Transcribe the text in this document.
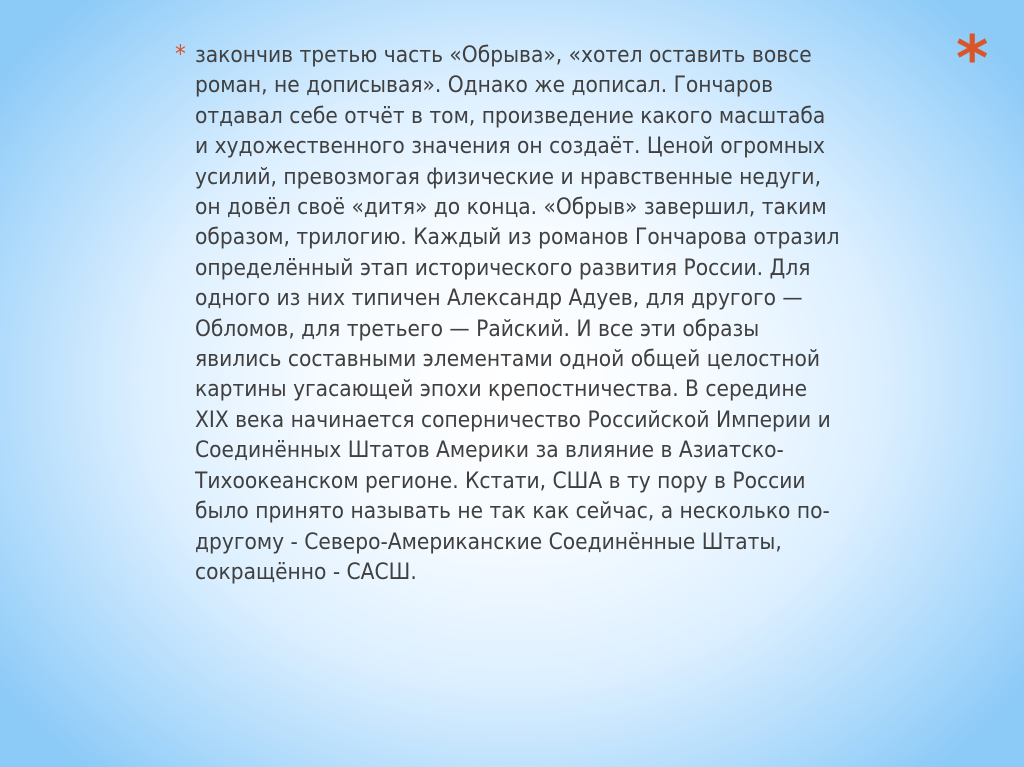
*
* закончив третью часть «Обрыва», «хотел оставить вовсе
роман, не дописывая». Однако же дописал. Гончаров
отдавал себе отчёт в том, произведение какого масштаба
и художественного значения он создаёт. Ценой огромных
усилий, превозмогая физические и нравственные недуги,
он довёл своё «дитя» до конца. «Обрыв» завершил, таким
образом, трилогию. Каждый из романов Гончарова отразил
определённый этап исторического развития России. Для
одного из них типичен Александр Адуев, для другого —
Обломов, для третьего — Райский. И все эти образы
явились составными элементами одной общей целостной
картины угасающей эпохи крепостничества. В середине
XIX века начинается соперничество Российской Империи и
Соединённых Штатов Америки за влияние в Азиатско-
Тихоокеанском регионе. Кстати, США в ту пору в России
было принято называть не так как сейчас, а несколько по-
другому - Северо-Американские Соединённые Штаты,
сокращённо - САСШ.
